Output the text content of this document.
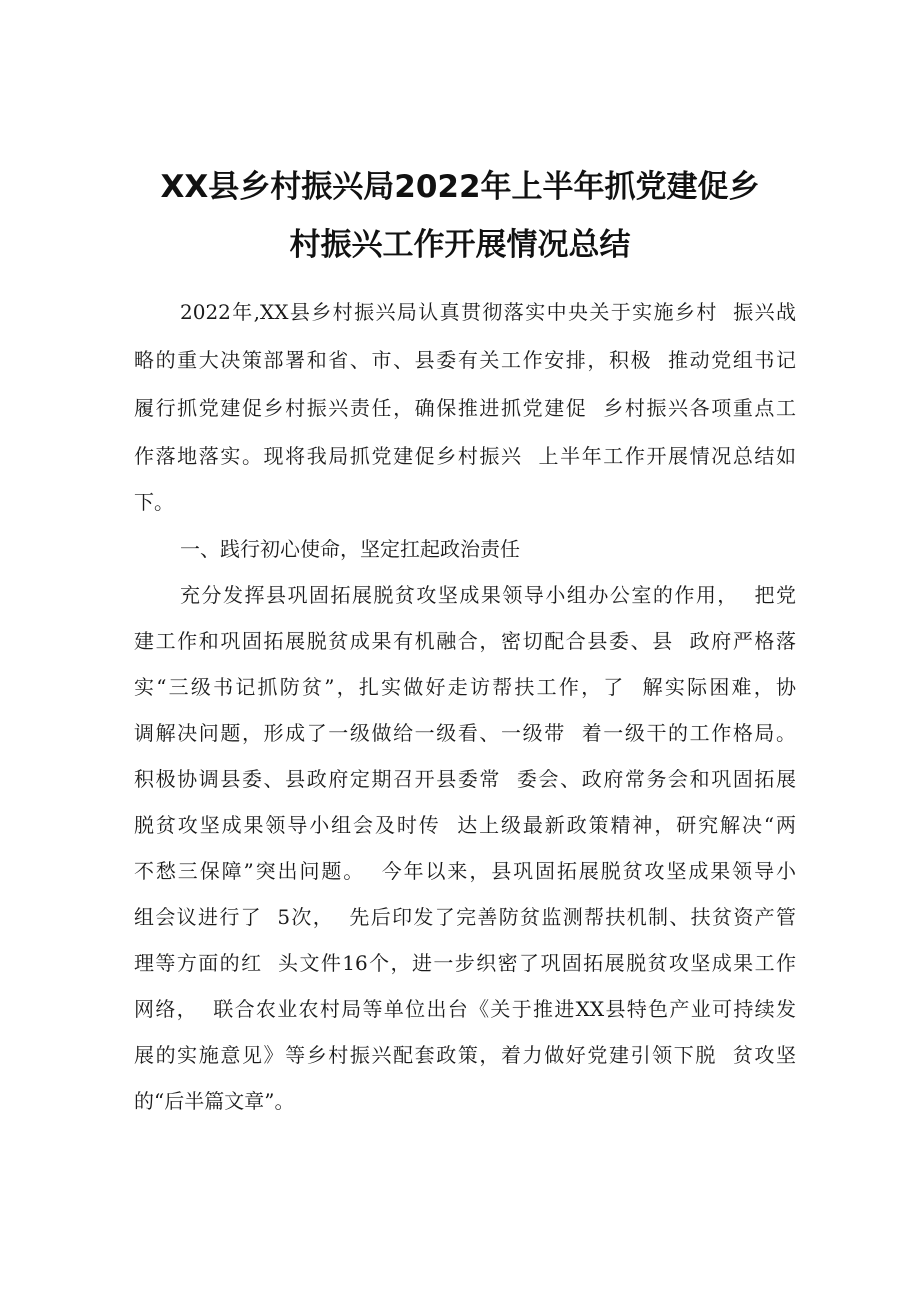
XX县乡村振兴局2022年上半年抓党建促乡
村振兴工作开展情况总结

2022年,XX县乡村振兴局认真贯彻落实中央关于实施乡村  振兴战

略的重大决策部署和省、市、县委有关工作安排，积极  推动党组书记

履行抓党建促乡村振兴责任，确保推进抓党建促  乡村振兴各项重点工

作落地落实。现将我局抓党建促乡村振兴  上半年工作开展情况总结如

下。

一、践行初心使命，坚定扛起政治责任

充分发挥县巩固拓展脱贫攻坚成果领导小组办公室的作用，  把党

建工作和巩固拓展脱贫成果有机融合，密切配合县委、县  政府严格落

实“三级书记抓防贫”，扎实做好走访帮扶工作，了  解实际困难，协

调解决问题，形成了一级做给一级看、一级带  着一级干的工作格局。

积极协调县委、县政府定期召开县委常  委会、政府常务会和巩固拓展

脱贫攻坚成果领导小组会及时传  达上级最新政策精神，研究解决“两

不愁三保障”突出问题。  今年以来，县巩固拓展脱贫攻坚成果领导小

组会议进行了  5次，  先后印发了完善防贫监测帮扶机制、扶贫资产管

理等方面的红  头文件16个，进一步织密了巩固拓展脱贫攻坚成果工作

网络，  联合农业农村局等单位出台《关于推进XX县特色产业可持续发

展的实施意见》等乡村振兴配套政策，着力做好党建引领下脱  贫攻坚

的“后半篇文章”。
